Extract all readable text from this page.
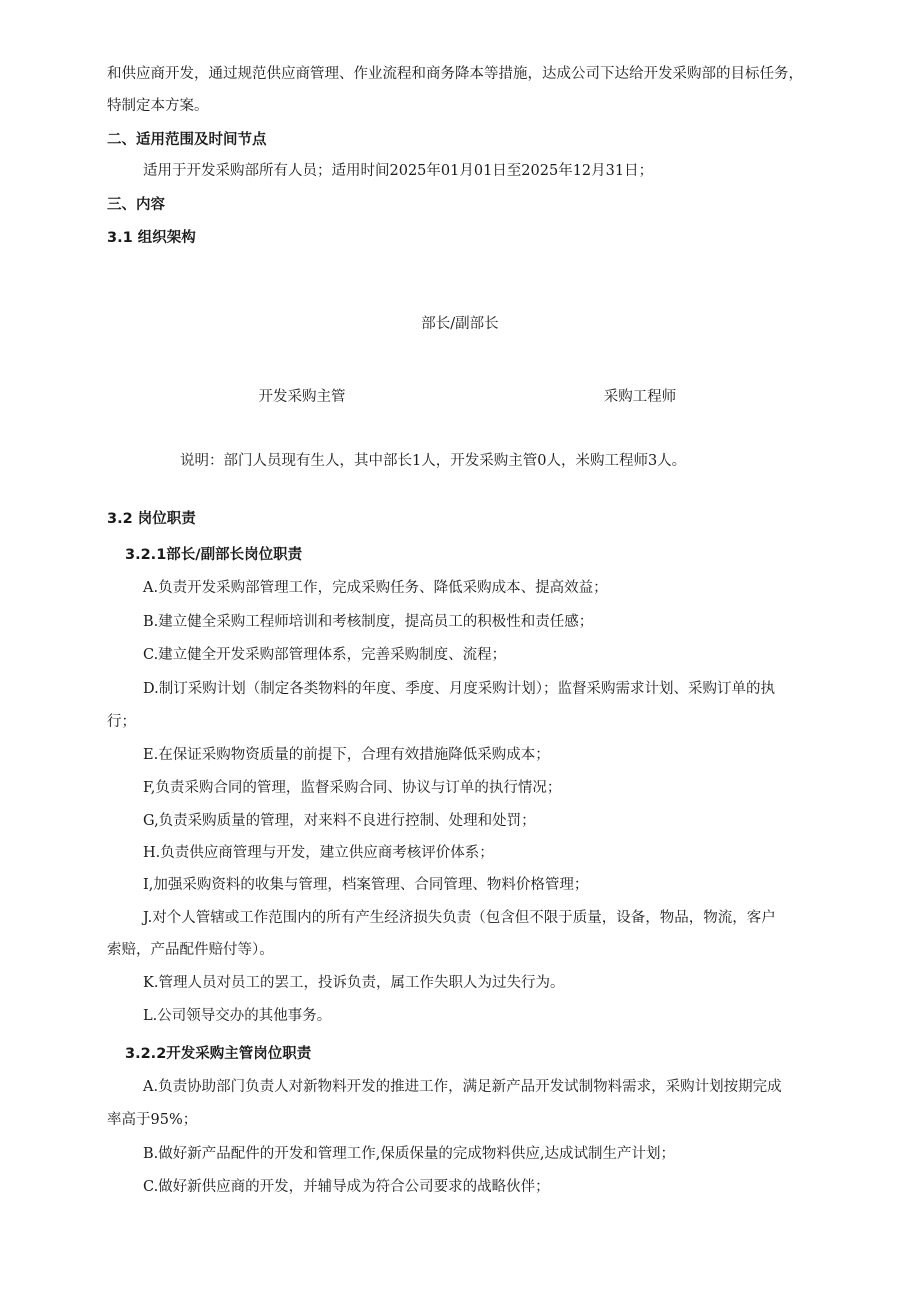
和供应商开发，通过规范供应商管理、作业流程和商务降本等措施，达成公司下达给开发采购部的目标任务，
特制定本方案。
二、适用范围及时间节点
适用于开发采购部所有人员；适用时间2025年01月01日至2025年12月31日；
三、内容
3.1 组织架构
部长/副部长
开发采购主管	采购工程师
说明：部门人员现有生人，其中部长1人，开发采购主管0人，米购工程师3人。
3.2 岗位职责
3.2.1部长/副部长岗位职责
A.负责开发采购部管理工作，完成采购任务、降低采购成本、提高效益；
B.建立健全采购工程师培训和考核制度，提高员工的积极性和责任感；
C.建立健全开发采购部管理体系，完善采购制度、流程；
D.制订采购计划（制定各类物料的年度、季度、月度采购计划）；监督采购需求计划、采购订单的执
行；
E.在保证采购物资质量的前提下，合理有效措施降低采购成本；
F,负责采购合同的管理，监督采购合同、协议与订单的执行情况；
G,负责采购质量的管理，对来料不良进行控制、处理和处罚；
H.负责供应商管理与开发，建立供应商考核评价体系；
I,加强采购资料的收集与管理，档案管理、合同管理、物料价格管理；
J.对个人管辖或工作范围内的所有产生经济损失负责（包含但不限于质量，设备，物品，物流，客户
索赔，产品配件赔付等）。
K.管理人员对员工的罢工，投诉负责，属工作失职人为过失行为。
L.公司领导交办的其他事务。
3.2.2开发采购主管岗位职责
A.负责协助部门负责人对新物料开发的推进工作，满足新产品开发试制物料需求，采购计划按期完成
率高于95%；
B.做好新产品配件的开发和管理工作,保质保量的完成物料供应,达成试制生产计划；
C.做好新供应商的开发，并辅导成为符合公司要求的战略伙伴；
